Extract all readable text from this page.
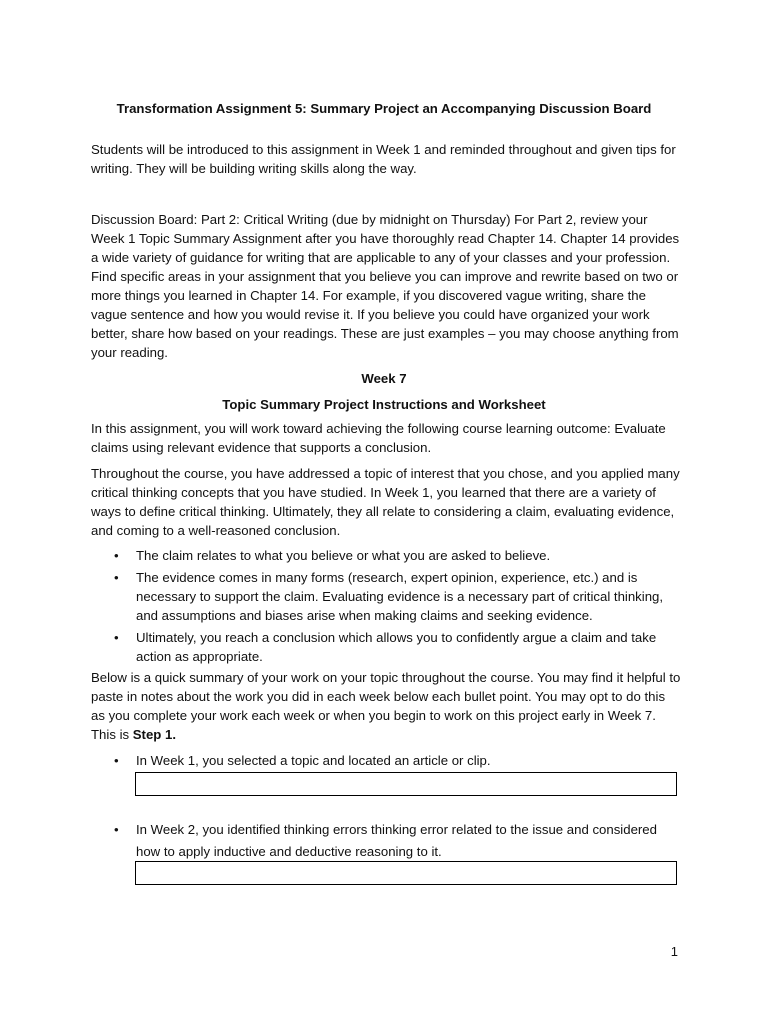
Transformation Assignment 5: Summary Project an Accompanying Discussion Board

Students will be introduced to this assignment in Week 1 and reminded throughout and given tips for writing. They will be building writing skills along the way.

Discussion Board: Part 2: Critical Writing (due by midnight on Thursday) For Part 2, review your Week 1 Topic Summary Assignment after you have thoroughly read Chapter 14. Chapter 14 provides a wide variety of guidance for writing that are applicable to any of your classes and your profession. Find specific areas in your assignment that you believe you can improve and rewrite based on two or more things you learned in Chapter 14. For example, if you discovered vague writing, share the vague sentence and how you would revise it. If you believe you could have organized your work better, share how based on your readings. These are just examples – you may choose anything from your reading.

Week 7

Topic Summary Project Instructions and Worksheet

In this assignment, you will work toward achieving the following course learning outcome: Evaluate claims using relevant evidence that supports a conclusion.

Throughout the course, you have addressed a topic of interest that you chose, and you applied many critical thinking concepts that you have studied. In Week 1, you learned that there are a variety of ways to define critical thinking. Ultimately, they all relate to considering a claim, evaluating evidence, and coming to a well-reasoned conclusion.

• The claim relates to what you believe or what you are asked to believe.
• The evidence comes in many forms (research, expert opinion, experience, etc.) and is necessary to support the claim. Evaluating evidence is a necessary part of critical thinking, and assumptions and biases arise when making claims and seeking evidence.
• Ultimately, you reach a conclusion which allows you to confidently argue a claim and take action as appropriate.

Below is a quick summary of your work on your topic throughout the course. You may find it helpful to paste in notes about the work you did in each week below each bullet point. You may opt to do this as you complete your work each week or when you begin to work on this project early in Week 7. This is Step 1.

• In Week 1, you selected a topic and located an article or clip.

• In Week 2, you identified thinking errors thinking error related to the issue and considered how to apply inductive and deductive reasoning to it.

1
